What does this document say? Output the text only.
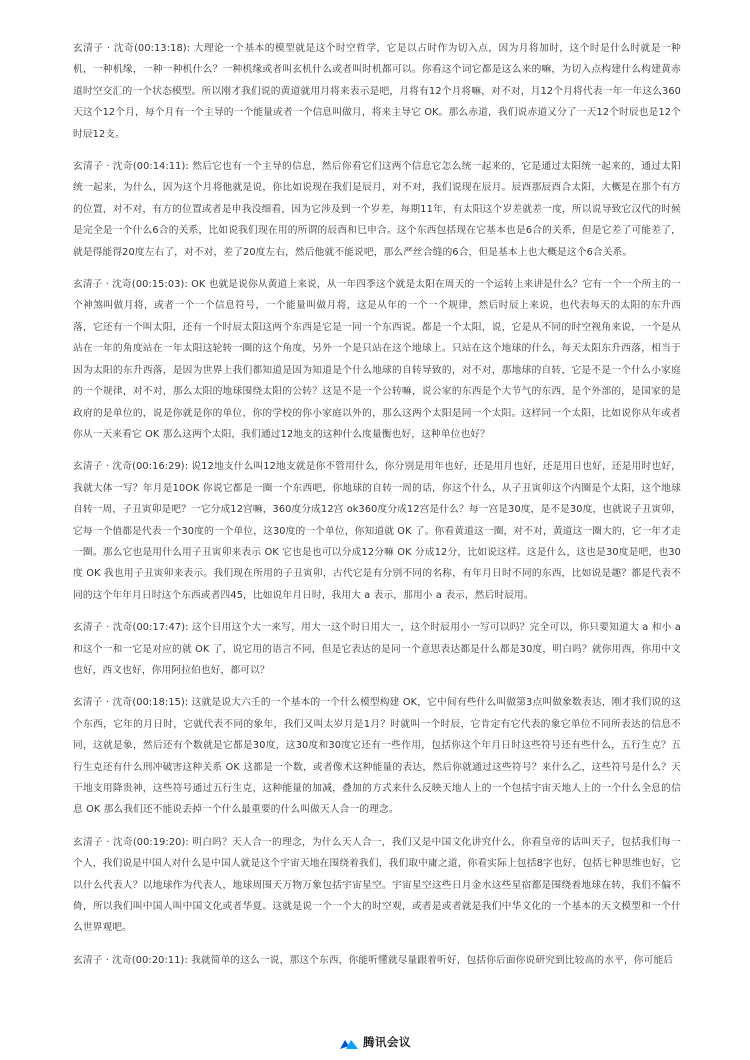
玄清子 · 沈奇(00:13:18): 大理论一个基本的模型就是这个时空哲学，它是以占时作为切入点，因为月将加时，这个时是什么时就是一种机，一种机缘，一种一种机什么？一种机缘或者叫玄机什么或者叫时机都可以。你看这个词它都是这么来的嘛，为切入点构建什么构建黄赤道时空交汇的一个状态模型。所以刚才我们说的黄道就用月将来表示是吧，月将有12个月将嘛，对不对，月12个月将代表一年一年这么360天这个12个月，每个月有一个主导的一个能量或者一个信息叫做月，将来主导它 OK。那么赤道，我们说赤道又分了一天12个时辰也是12个时辰12支。

玄清子 · 沈奇(00:14:11): 然后它也有一个主导的信息，然后你看它们这两个信息它怎么统一起来的，它是通过太阳统一起来的，通过太阳统一起来，为什么，因为这个月将他就是说，你比如说现在我们是辰月，对不对，我们说现在辰月。辰酉那辰酉合太阳，大概是在那个有方的位置，对不对，有方的位置或者是申我没细看，因为它涉及到一个岁差，每期11年，有太阳这个岁差就差一度，所以说导致它汉代的时候是完全是一个什么6合的关系，比如说我们现在用的所谓的辰酉和巳申合。这个东西包括现在它基本也是6合的关系，但是它差了可能差了，就是得能得20度左右了，对不对，差了20度左右，然后他就不能说吧，那么严丝合缝的6合，但是基本上也大概是这个6合关系。

玄清子 · 沈奇(00:15:03): OK 也就是说你从黄道上来说，从一年四季这个就是太阳在周天的一个运转上来讲是什么？它有一个一个所主的一个神煞叫做月将，或者一个一个信息符号，一个能量叫做月将，这是从年的一个一个规律，然后时辰上来说，也代表每天的太阳的东升西落，它还有一个叫太阳，还有一个时辰太阳这两个东西是它是一同一个东西说。都是一个太阳，说，它是从不同的时空视角来说，一个是从站在一年的角度站在一年太阳这轮转一圈的这个角度，另外一个是只站在这个地球上。只站在这个地球的什么，每天太阳东升西落，相当于因为太阳的东升西落，是因为世界上我们都知道是因为知道是个什么地球的自转导致的，对不对，那地球的自转，它是不是一个什么小家庭的一个规律，对不对，那么太阳的地球围绕太阳的公转？这是不是一个公转嘛，说公家的东西是个大节气的东西，是个外部的，是国家的是政府的是单位的，说是你就是你的单位，你的学校的你小家庭以外的，那么这两个太阳是同一个太阳。这样同一个太阳，比如说你从年或者你从一天来看它 OK 那么这两个太阳，我们通过12地支的这种什么度量衡也好，这种单位也好？

玄清子 · 沈奇(00:16:29): 说12地支什么叫12地支就是你不管用什么，你分别是用年也好，还是用月也好，还是用日也好，还是用时也好，我就大体一写？年月是10OK 你说它都是一圈一个东西吧，你地球的自转一周的话，你这个什么，从子丑寅卯这个内圈是个太阳，这个地球自转一周，子丑寅卯是吧？一它分成12宫嘛，360度分成12宫 ok360度分成12宫是什么？每一宫是30度，是不是30度，也就说子丑寅卯，它每一个值都是代表一个30度的一个单位，这30度的一个单位，你知道就 OK 了。你看黄道这一圈，对不对，黄道这一圈大的，它一年才走一圈。那么它也是用什么用子丑寅卯来表示 OK 它也是也可以分成12分嘛 OK 分成12分，比如说这样。这是什么，这也是30度是吧，也30度 OK 我也用子丑寅卯来表示。我们现在所用的子丑寅卯，古代它是有分别不同的名称，有年月日时不同的东西，比如说是趣？都是代表不同的这个年年月日时这个东西或者四45，比如说年月日时，我用大 a 表示，那用小 a 表示，然后时辰用。

玄清子 · 沈奇(00:17:47): 这个日用这个大一来写，用大一这个时日用大一，这个时辰用小一写可以吗？完全可以，你只要知道大 a 和小 a 和这个一和一它是对应的就 OK 了，说它用的语言不同，但是它表达的是同一个意思表达都是什么都是30度，明白吗？就你用西，你用中文也好，西文也好，你用阿拉伯也好，都可以？

玄清子 · 沈奇(00:18:15): 这就是说大六壬的一个基本的一个什么模型构建 OK，它中间有些什么叫做第3点叫做象数表达，刚才我们说的这个东西，它年的月日时，它就代表不同的象年，我们又叫太岁月是1月？时就叫一个时辰，它肯定有它代表的象它单位不同所表达的信息不同，这就是象，然后还有个数就是它都是30度，这30度和30度它还有一些作用，包括你这个年月日时这些符号还有些什么，五行生克？五行生克还有什么刑冲破害这种关系 OK 这都是一个数，或者像术这种能量的表达，然后你就通过这些符号？来什么乙，这些符号是什么？天干地支用降贵神，这些符号通过五行生克，这种能量的加减，叠加的方式来什么反映天地人上的一个包括宇宙天地人上的一个什么全息的信息 OK 那么我们还不能说丢掉一个什么最重要的什么叫做天人合一的理念。

玄清子 · 沈奇(00:19:20): 明白吗？天人合一的理念，为什么天人合一，我们又是中国文化讲究什么，你看皇帝的话叫天子，包括我们每一个人，我们说是中国人对什么是中国人就是这个宇宙天地在围绕着我们，我们取中庸之道，你看实际上包括8字也好，包括七种思维也好，它以什么代表人？以地球作为代表人，地球周围天万物万象包括宇宙星空。宇宙星空这些日月金水这些星宿都是围绕着地球在转，我们不偏不倚，所以我们叫中国人叫中国文化或者华夏。这就是说一个一个大的时空观，或者是或者就是我们中华文化的一个基本的天文模型和一个什么世界观吧。

玄清子 · 沈奇(00:20:11): 我就简单的这么一说，那这个东西，你能听懂就尽量跟着听好，包括你后面你说研究到比较高的水平，你可能后

腾讯会议
